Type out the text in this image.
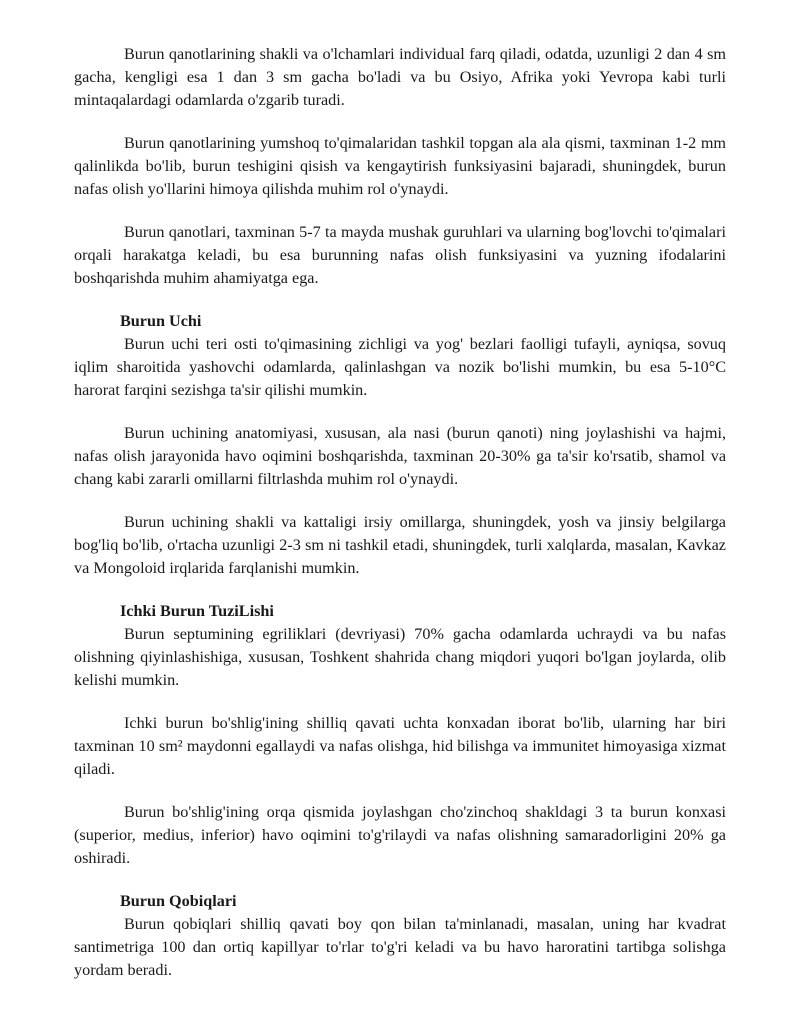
Burun qanotlarining shakli va o'lchamlari individual farq qiladi, odatda, uzunligi 2 dan 4 sm gacha, kengligi esa 1 dan 3 sm gacha bo'ladi va bu Osiyo, Afrika yoki Yevropa kabi turli mintaqalardagi odamlarda o'zgarib turadi.

Burun qanotlarining yumshoq to'qimalaridan tashkil topgan ala ala qismi, taxminan 1-2 mm qalinlikda bo'lib, burun teshigini qisish va kengaytirish funksiyasini bajaradi, shuningdek, burun nafas olish yo'llarini himoya qilishda muhim rol o'ynaydi.

Burun qanotlari, taxminan 5-7 ta mayda mushak guruhlari va ularning bog'lovchi to'qimalari orqali harakatga keladi, bu esa burunning nafas olish funksiyasini va yuzning ifodalarini boshqarishda muhim ahamiyatga ega.

Burun Uchi

Burun uchi teri osti to'qimasining zichligi va yog' bezlari faolligi tufayli, ayniqsa, sovuq iqlim sharoitida yashovchi odamlarda, qalinlashgan va nozik bo'lishi mumkin, bu esa 5-10°C harorat farqini sezishga ta'sir qilishi mumkin.

Burun uchining anatomiyasi, xususan, ala nasi (burun qanoti) ning joylashishi va hajmi, nafas olish jarayonida havo oqimini boshqarishda, taxminan 20-30% ga ta'sir ko'rsatib, shamol va chang kabi zararli omillarni filtrlashda muhim rol o'ynaydi.

Burun uchining shakli va kattaligi irsiy omillarga, shuningdek, yosh va jinsiy belgilarga bog'liq bo'lib, o'rtacha uzunligi 2-3 sm ni tashkil etadi, shuningdek, turli xalqlarda, masalan, Kavkaz va Mongoloid irqlarida farqlanishi mumkin.

Ichki Burun TuziLishi

Burun septumining egriliklari (devriyasi) 70% gacha odamlarda uchraydi va bu nafas olishning qiyinlashishiga, xususan, Toshkent shahrida chang miqdori yuqori bo'lgan joylarda, olib kelishi mumkin.

Ichki burun bo'shlig'ining shilliq qavati uchta konxadan iborat bo'lib, ularning har biri taxminan 10 sm² maydonni egallaydi va nafas olishga, hid bilishga va immunitet himoyasiga xizmat qiladi.

Burun bo'shlig'ining orqa qismida joylashgan cho'zinchoq shakldagi 3 ta burun konxasi (superior, medius, inferior) havo oqimini to'g'rilaydi va nafas olishning samaradorligini 20% ga oshiradi.

Burun Qobiqlari

Burun qobiqlari shilliq qavati boy qon bilan ta'minlanadi, masalan, uning har kvadrat santimetriga 100 dan ortiq kapillyar to'rlar to'g'ri keladi va bu havo haroratini tartibga solishga yordam beradi.
